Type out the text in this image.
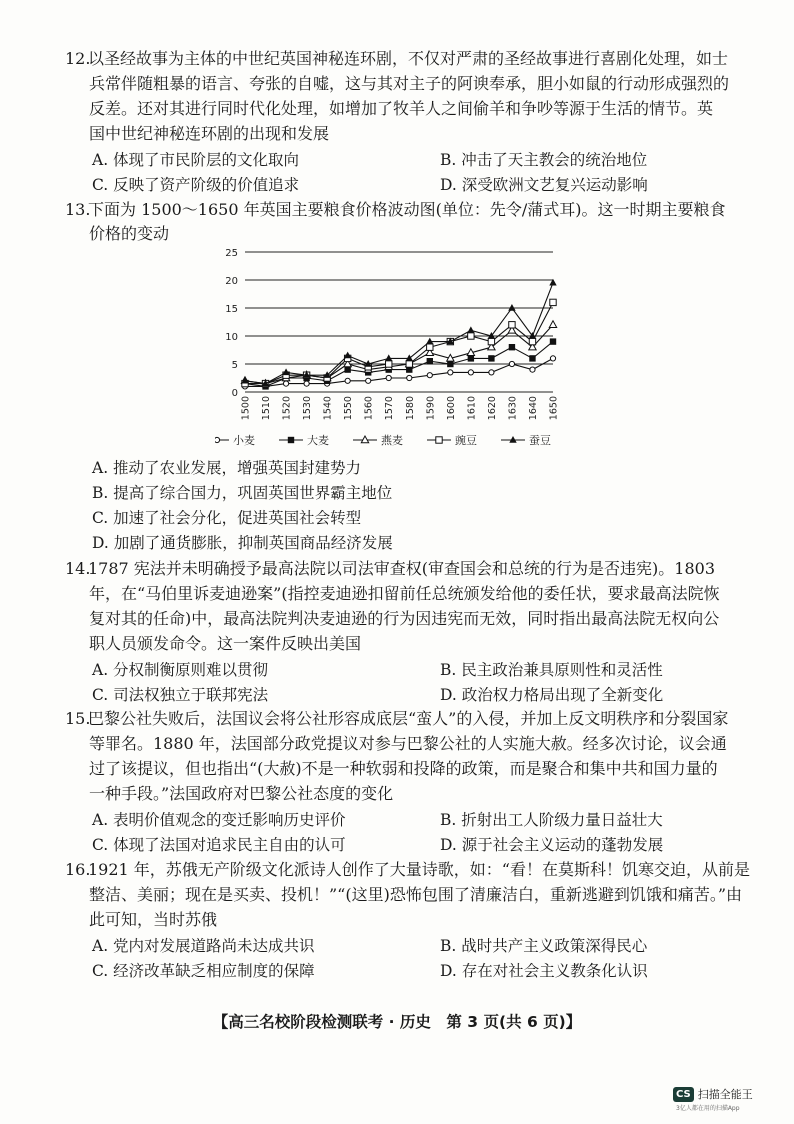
12.
以圣经故事为主体的中世纪英国神秘连环剧，不仅对严肃的圣经故事进行喜剧化处理，如士
兵常伴随粗暴的语言、夸张的自嘘，这与其对主子的阿谀奉承，胆小如鼠的行动形成强烈的
反差。还对其进行同时代化处理，如增加了牧羊人之间偷羊和争吵等源于生活的情节。英
国中世纪神秘连环剧的出现和发展
A. 体现了市民阶层的文化取向	B. 冲击了天主教会的统治地位
C. 反映了资产阶级的价值追求	D. 深受欧洲文艺复兴运动影响
13.
下面为 1500～1650 年英国主要粮食价格波动图(单位：先令/蒲式耳)。这一时期主要粮食
价格的变动
0
5
10
15
20
25
1500 1510 1520 1530 1540 1550 1560 1570 1580 1590 1600 1610 1620 1630 1640 1650
小麦	大麦	燕麦	豌豆	蚕豆
A. 推动了农业发展，增强英国封建势力
B. 提高了综合国力，巩固英国世界霸主地位
C. 加速了社会分化，促进英国社会转型
D. 加剧了通货膨胀，抑制英国商品经济发展
14.
1787 宪法并未明确授予最高法院以司法审查权(审查国会和总统的行为是否违宪)。1803
年，在“马伯里诉麦迪逊案”(指控麦迪逊扣留前任总统颁发给他的委任状，要求最高法院恢
复对其的任命)中，最高法院判决麦迪逊的行为因违宪而无效，同时指出最高法院无权向公
职人员颁发命令。这一案件反映出美国
A. 分权制衡原则难以贯彻	B. 民主政治兼具原则性和灵活性
C. 司法权独立于联邦宪法	D. 政治权力格局出现了全新变化
15.
巴黎公社失败后，法国议会将公社形容成底层“蛮人”的入侵，并加上反文明秩序和分裂国家
等罪名。1880 年，法国部分政党提议对参与巴黎公社的人实施大赦。经多次讨论，议会通
过了该提议，但也指出“(大赦)不是一种软弱和投降的政策，而是聚合和集中共和国力量的
一种手段。”法国政府对巴黎公社态度的变化
A. 表明价值观念的变迁影响历史评价	B. 折射出工人阶级力量日益壮大
C. 体现了法国对追求民主自由的认可	D. 源于社会主义运动的蓬勃发展
16.
1921 年，苏俄无产阶级文化派诗人创作了大量诗歌，如：“看！在莫斯科！饥寒交迫，从前是
整洁、美丽；现在是买卖、投机！”“(这里)恐怖包围了清廉洁白，重新逃避到饥饿和痛苦。”由
此可知，当时苏俄
A. 党内对发展道路尚未达成共识	B. 战时共产主义政策深得民心
C. 经济改革缺乏相应制度的保障	D. 存在对社会主义教条化认识
【高三名校阶段检测联考 · 历史　第 3 页(共 6 页)】
CS 扫描全能王
3亿人都在用的扫描App
